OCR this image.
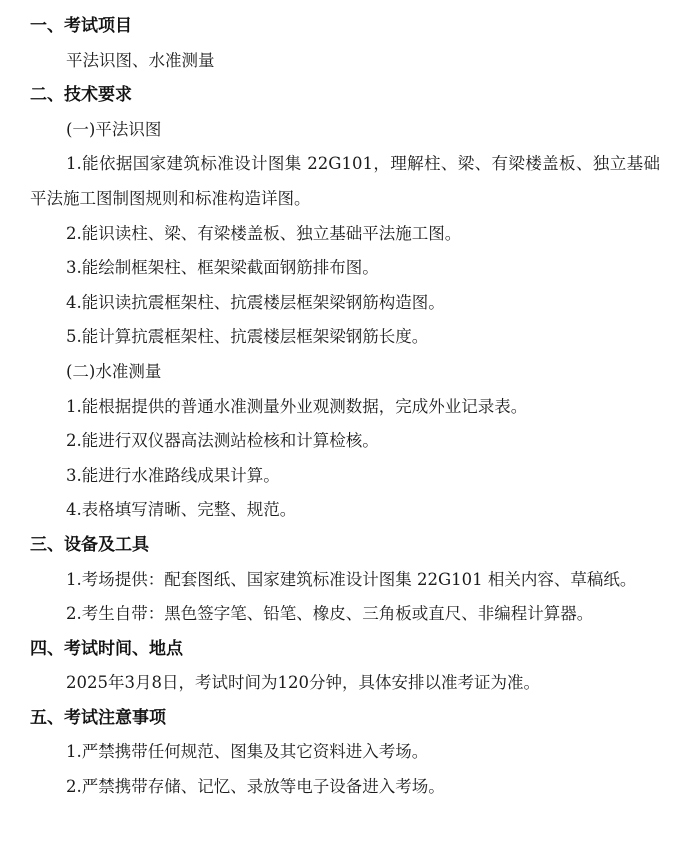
一、考试项目
平法识图、水准测量
二、技术要求
(一)平法识图
1.能依据国家建筑标准设计图集 22G101，理解柱、梁、有梁楼盖板、独立基础平法施工图制图规则和标准构造详图。
2.能识读柱、梁、有梁楼盖板、独立基础平法施工图。
3.能绘制框架柱、框架梁截面钢筋排布图。
4.能识读抗震框架柱、抗震楼层框架梁钢筋构造图。
5.能计算抗震框架柱、抗震楼层框架梁钢筋长度。
(二)水准测量
1.能根据提供的普通水准测量外业观测数据，完成外业记录表。
2.能进行双仪器高法测站检核和计算检核。
3.能进行水准路线成果计算。
4.表格填写清晰、完整、规范。
三、设备及工具
1.考场提供：配套图纸、国家建筑标准设计图集 22G101 相关内容、草稿纸。
2.考生自带：黑色签字笔、铅笔、橡皮、三角板或直尺、非编程计算器。
四、考试时间、地点
2025年3月8日，考试时间为120分钟，具体安排以准考证为准。
五、考试注意事项
1.严禁携带任何规范、图集及其它资料进入考场。
2.严禁携带存储、记忆、录放等电子设备进入考场。
